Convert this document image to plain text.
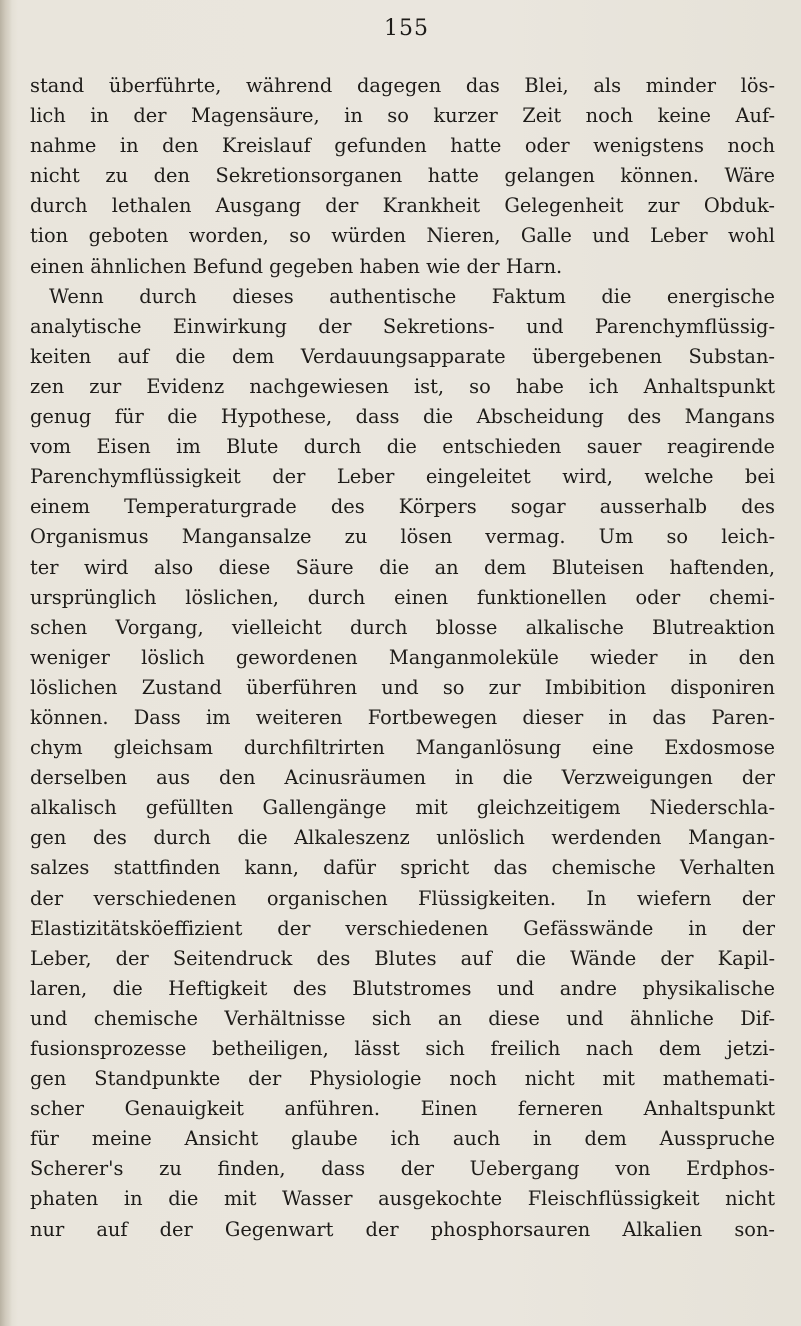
155
stand überführte, während dagegen das Blei, als minder lös-
lich in der Magensäure, in so kurzer Zeit noch keine Auf-
nahme in den Kreislauf gefunden hatte oder wenigstens noch
nicht zu den Sekretionsorganen hatte gelangen können. Wäre
durch lethalen Ausgang der Krankheit Gelegenheit zur Obduk-
tion geboten worden, so würden Nieren, Galle und Leber wohl
einen ähnlichen Befund gegeben haben wie der Harn.
Wenn durch dieses authentische Faktum die energische
analytische Einwirkung der Sekretions- und Parenchymflüssig-
keiten auf die dem Verdauungsapparate übergebenen Substan-
zen zur Evidenz nachgewiesen ist, so habe ich Anhaltspunkt
genug für die Hypothese, dass die Abscheidung des Mangans
vom Eisen im Blute durch die entschieden sauer reagirende
Parenchymflüssigkeit der Leber eingeleitet wird, welche bei
einem Temperaturgrade des Körpers sogar ausserhalb des
Organismus Mangansalze zu lösen vermag. Um so leich-
ter wird also diese Säure die an dem Bluteisen haftenden,
ursprünglich löslichen, durch einen funktionellen oder chemi-
schen Vorgang, vielleicht durch blosse alkalische Blutreaktion
weniger löslich gewordenen Manganmoleküle wieder in den
löslichen Zustand überführen und so zur Imbibition disponiren
können. Dass im weiteren Fortbewegen dieser in das Paren-
chym gleichsam durchfiltrirten Manganlösung eine Exdosmose
derselben aus den Acinusräumen in die Verzweigungen der
alkalisch gefüllten Gallengänge mit gleichzeitigem Niederschla-
gen des durch die Alkaleszenz unlöslich werdenden Mangan-
salzes stattfinden kann, dafür spricht das chemische Verhalten
der verschiedenen organischen Flüssigkeiten. In wiefern der
Elastizitätsköeffizient der verschiedenen Gefässwände in der
Leber, der Seitendruck des Blutes auf die Wände der Kapil-
laren, die Heftigkeit des Blutstromes und andre physikalische
und chemische Verhältnisse sich an diese und ähnliche Dif-
fusionsprozesse betheiligen, lässt sich freilich nach dem jetzi-
gen Standpunkte der Physiologie noch nicht mit mathemati-
scher Genauigkeit anführen. Einen ferneren Anhaltspunkt
für meine Ansicht glaube ich auch in dem Ausspruche
Scherer's zu finden, dass der Uebergang von Erdphos-
phaten in die mit Wasser ausgekochte Fleischflüssigkeit nicht
nur auf der Gegenwart der phosphorsauren Alkalien son-
